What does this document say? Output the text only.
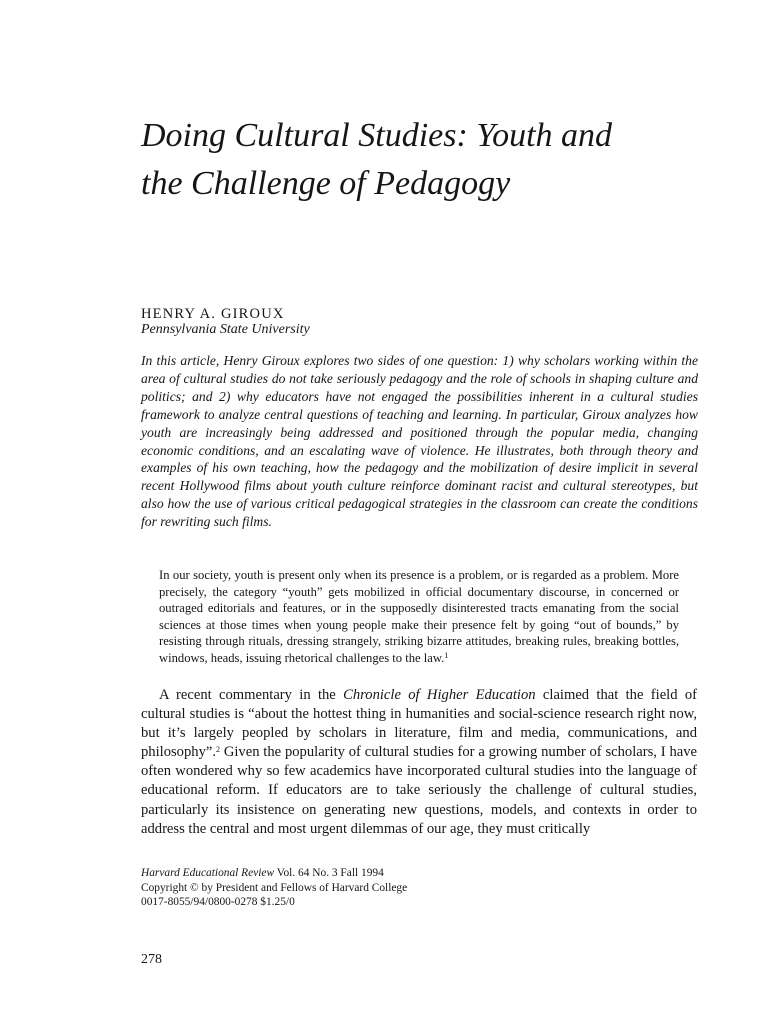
Doing Cultural Studies: Youth and
the Challenge of Pedagogy

HENRY A. GIROUX

Pennsylvania State University

In this article, Henry Giroux explores two sides of one question: 1) why scholars working within the area of cultural studies do not take seriously pedagogy and the role of schools in shaping culture and politics; and 2) why educators have not engaged the possibilities inherent in a cultural studies framework to analyze central questions of teaching and learning. In particular, Giroux analyzes how youth are increasingly being addressed and positioned through the popular media, changing economic conditions, and an escalating wave of violence. He illustrates, both through theory and examples of his own teaching, how the pedagogy and the mobilization of desire implicit in several recent Hollywood films about youth culture reinforce dominant racist and cultural stereotypes, but also how the use of various critical pedagogical strategies in the classroom can create the conditions for rewriting such films.

In our society, youth is present only when its presence is a problem, or is regarded as a problem. More precisely, the category “youth” gets mobilized in official documentary discourse, in concerned or outraged editorials and features, or in the supposedly disinterested tracts emanating from the social sciences at those times when young people make their presence felt by going “out of bounds,” by resisting through rituals, dressing strangely, striking bizarre attitudes, breaking rules, breaking bottles, windows, heads, issuing rhetorical challenges to the law.$^1$

A recent commentary in the Chronicle of Higher Education claimed that the field of cultural studies is “about the hottest thing in humanities and social-science research right now, but it’s largely peopled by scholars in literature, film and media, communications, and philosophy”.$^2$ Given the popularity of cultural studies for a growing number of scholars, I have often wondered why so few academics have incorporated cultural studies into the language of educational reform. If educators are to take seriously the challenge of cultural studies, particularly its insistence on generating new questions, models, and contexts in order to address the central and most urgent dilemmas of our age, they must critically

Harvard Educational Review Vol. 64 No. 3 Fall 1994
Copyright © by President and Fellows of Harvard College
0017-8055/94/0800-0278 $1.25/0

278
